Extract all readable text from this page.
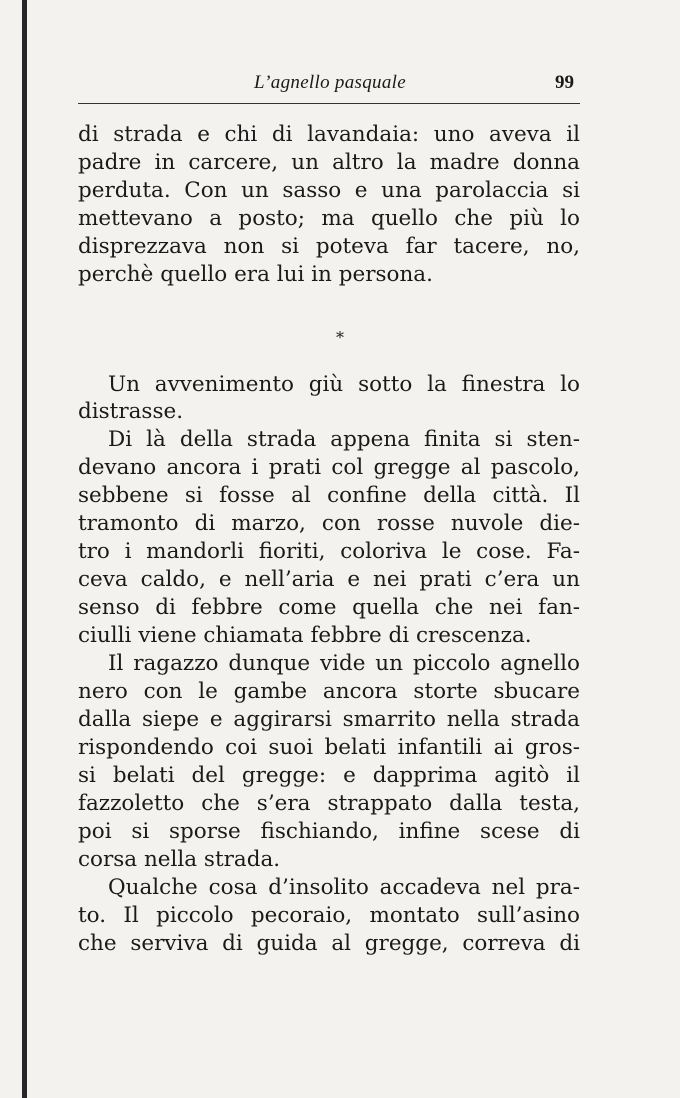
L’agnello pasquale	99
di strada e chi di lavandaia: uno aveva il
padre in carcere, un altro la madre donna
perduta. Con un sasso e una parolaccia si
mettevano a posto; ma quello che più lo
disprezzava non si poteva far tacere, no,
perchè quello era lui in persona.
*
Un avvenimento giù sotto la finestra lo
distrasse.
Di là della strada appena finita si sten-
devano ancora i prati col gregge al pascolo,
sebbene si fosse al confine della città. Il
tramonto di marzo, con rosse nuvole die-
tro i mandorli fioriti, coloriva le cose. Fa-
ceva caldo, e nell’aria e nei prati c’era un
senso di febbre come quella che nei fan-
ciulli viene chiamata febbre di crescenza.
Il ragazzo dunque vide un piccolo agnello
nero con le gambe ancora storte sbucare
dalla siepe e aggirarsi smarrito nella strada
rispondendo coi suoi belati infantili ai gros-
si belati del gregge: e dapprima agitò il
fazzoletto che s’era strappato dalla testa,
poi si sporse fischiando, infine scese di
corsa nella strada.
Qualche cosa d’insolito accadeva nel pra-
to. Il piccolo pecoraio, montato sull’asino
che serviva di guida al gregge, correva di
